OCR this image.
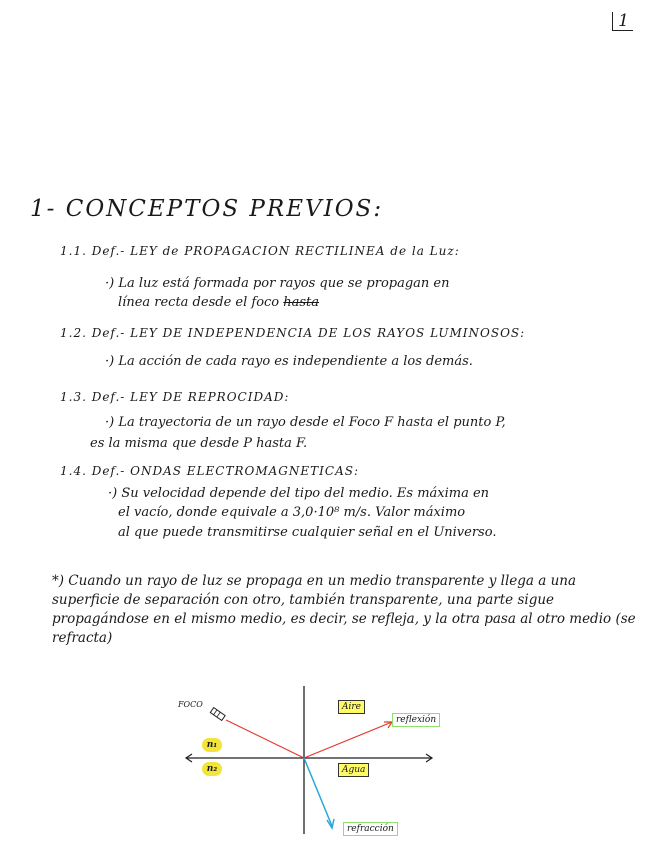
1
1- CONCEPTOS PREVIOS:
1.1. Def.- LEY de PROPAGACION RECTILINEA de la Luz:
·) La luz está formada por rayos que se propagan en
línea recta desde el foco hasta
1.2. Def.- LEY DE INDEPENDENCIA DE LOS RAYOS LUMINOSOS:
·) La acción de cada rayo es independiente a los demás.
1.3. Def.- LEY DE REPROCIDAD:
·) La trayectoria de un rayo desde el Foco F hasta el punto P,
es la misma que desde P hasta F.
1.4. Def.- ONDAS ELECTROMAGNETICAS:
·) Su velocidad depende del tipo del medio. Es máxima en
el vacío, donde equivale a 3,0·10⁸ m/s. Valor máximo
al que puede transmitirse cualquier señal en el Universo.
*) Cuando un rayo de luz se propaga en un medio transparente y llega a una superficie de separación con otro, también transparente, una parte sigue propagándose en el mismo medio, es decir, se refleja, y la otra pasa al otro medio (se refracta)
FOCO	Aire
reflexión
n₁
n₂	Agua
refracción
